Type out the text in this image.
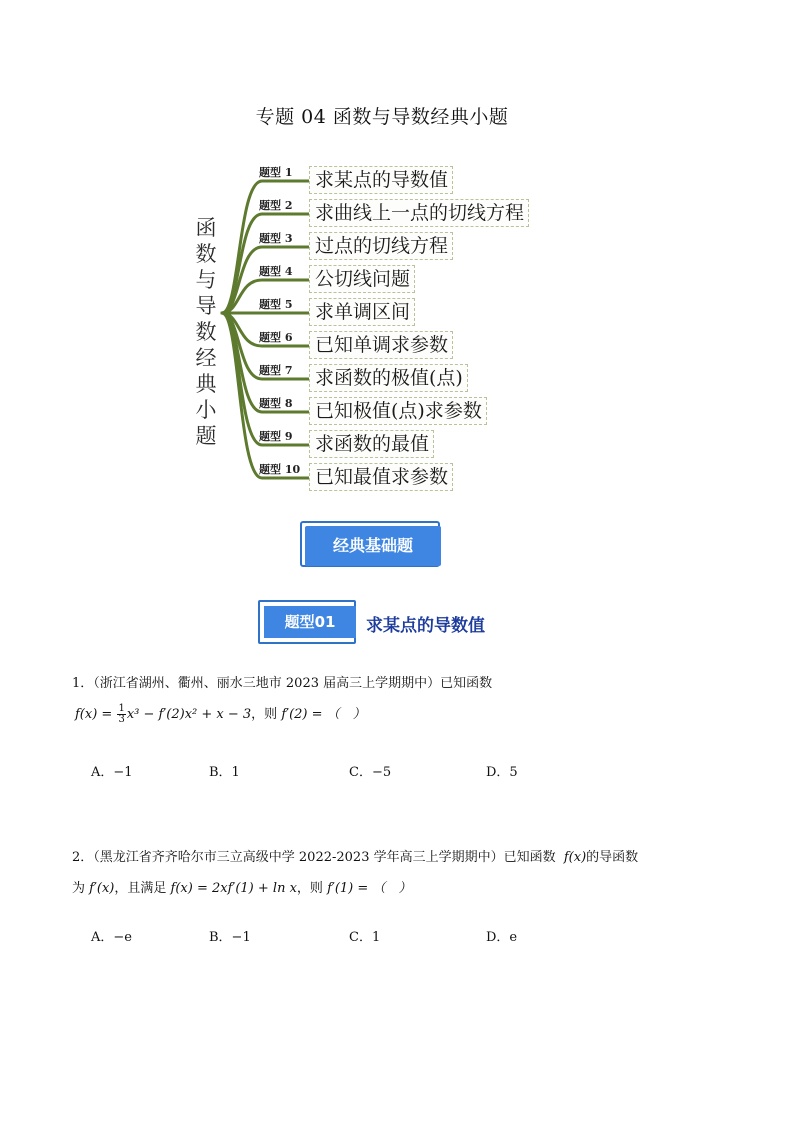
专题 04 函数与导数经典小题
函
数
与
导
数
经
典
小
题
题型 1	求某点的导数值
题型 2	求曲线上一点的切线方程
题型 3	过点的切线方程
题型 4	公切线问题
题型 5	求单调区间
题型 6	已知单调求参数
题型 7	求函数的极值(点)
题型 8	已知极值(点)求参数
题型 9	求函数的最值
题型 10 已知最值求参数
经典基础题
题型01	求某点的导数值
1．（浙江省湖州、衢州、丽水三地市 2023 届高三上学期期中）已知函数
$f(x) = \frac{1}{3} x^3 - f'(2)x^2 + x - 3$，则 f′(2) = （　）
A．−1	B．1	C．−5	D．5
2．（黑龙江省齐齐哈尔市三立高级中学 2022-2023 学年高三上学期期中）已知函数 f(x)的导函数
为 f′(x)，且满足 f(x) = 2xf′(1) + ln x，则 f′(1) = （　）
A．−e	B．−1	C．1	D．e
